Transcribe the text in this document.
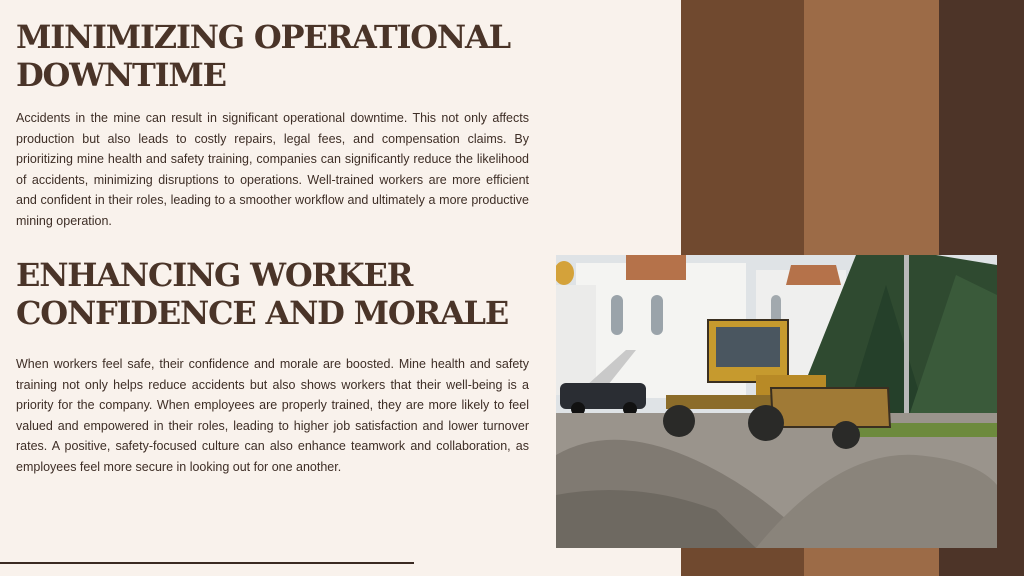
MINIMIZING OPERATIONAL DOWNTIME

Accidents in the mine can result in significant operational downtime. This not only affects production but also leads to costly repairs, legal fees, and compensation claims. By prioritizing mine health and safety training, companies can significantly reduce the likelihood of accidents, minimizing disruptions to operations. Well-trained workers are more efficient and confident in their roles, leading to a smoother workflow and ultimately a more productive mining operation.

ENHANCING WORKER CONFIDENCE AND MORALE

When workers feel safe, their confidence and morale are boosted. Mine health and safety training not only helps reduce accidents but also shows workers that their well-being is a priority for the company. When employees are properly trained, they are more likely to feel valued and empowered in their roles, leading to higher job satisfaction and lower turnover rates. A positive, safety-focused culture can also enhance teamwork and collaboration, as employees feel more secure in looking out for one another.
